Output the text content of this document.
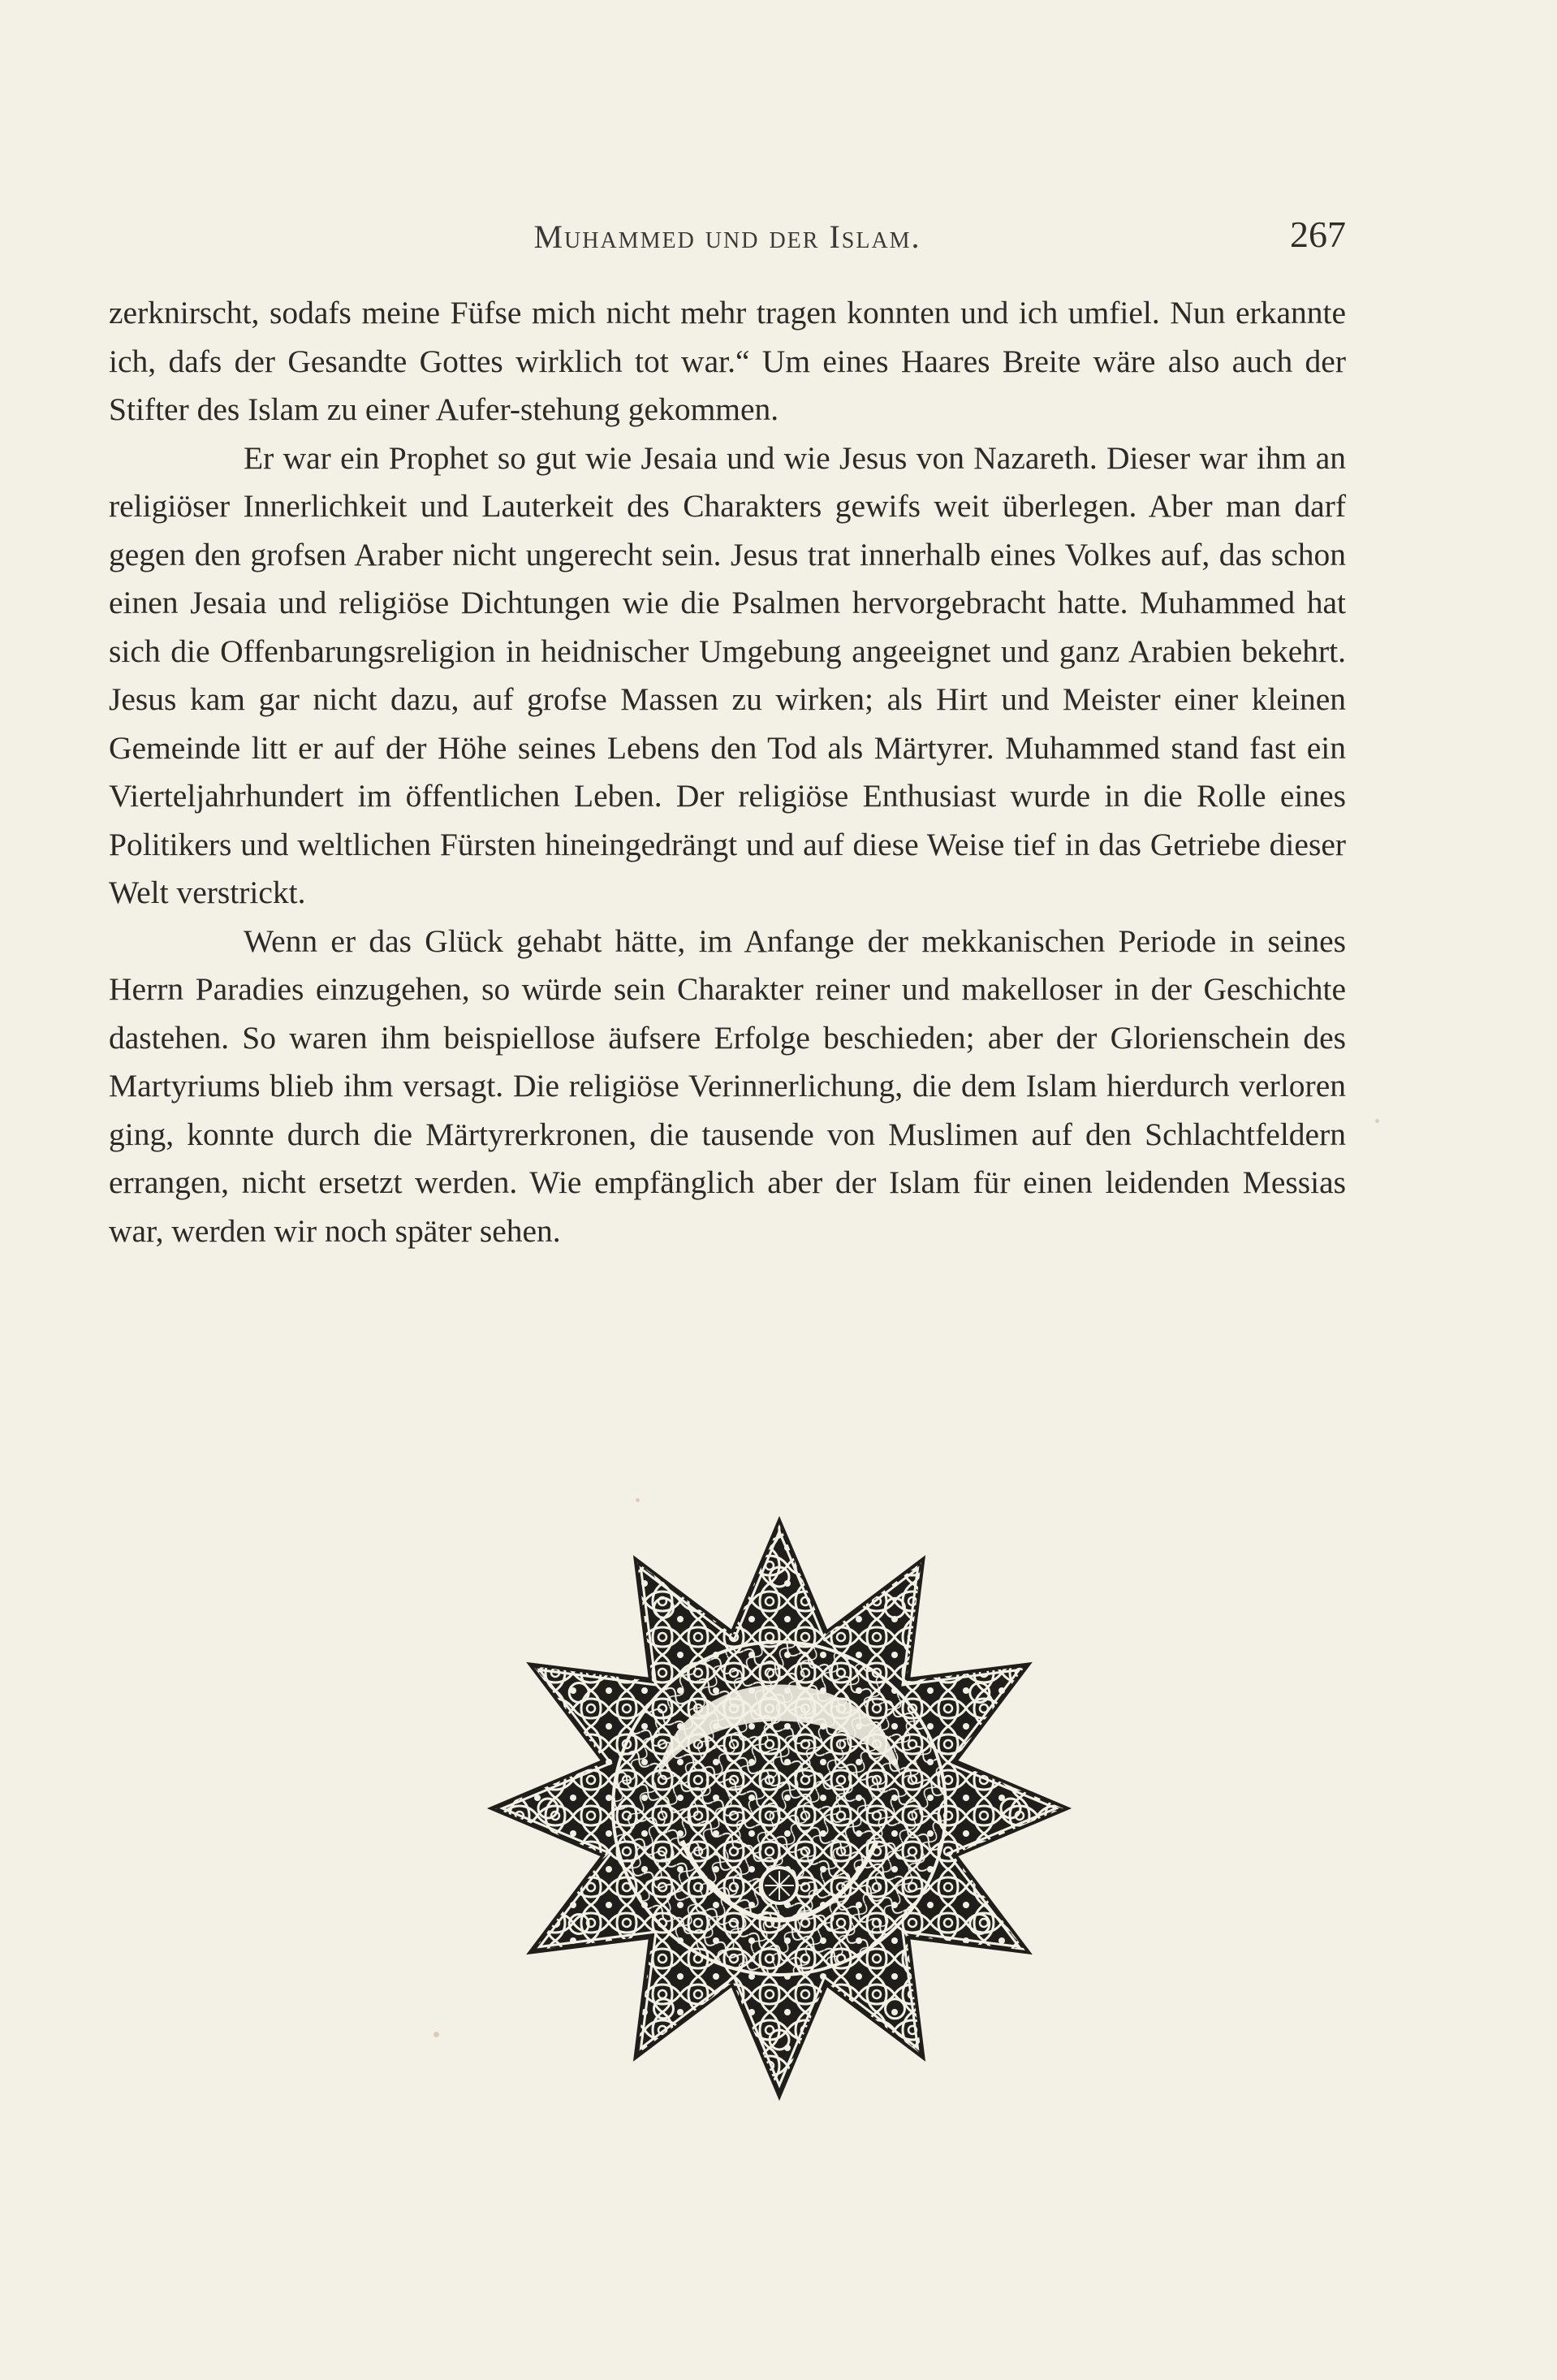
Muhammed und der Islam.	267

zerknirscht, sodafs meine Füfse mich nicht mehr tragen konnten und ich umfiel. Nun erkannte ich, dafs der Gesandte Gottes wirklich tot war.“ Um eines Haares Breite wäre also auch der Stifter des Islam zu einer Aufer-stehung gekommen.

Er war ein Prophet so gut wie Jesaia und wie Jesus von Nazareth. Dieser war ihm an religiöser Innerlichkeit und Lauterkeit des Charakters gewifs weit überlegen. Aber man darf gegen den grofsen Araber nicht ungerecht sein. Jesus trat innerhalb eines Volkes auf, das schon einen Jesaia und religiöse Dichtungen wie die Psalmen hervorgebracht hatte. Muhammed hat sich die Offenbarungsreligion in heidnischer Umgebung angeeignet und ganz Arabien bekehrt. Jesus kam gar nicht dazu, auf grofse Massen zu wirken; als Hirt und Meister einer kleinen Gemeinde litt er auf der Höhe seines Lebens den Tod als Märtyrer. Muhammed stand fast ein Vierteljahrhundert im öffentlichen Leben. Der religiöse Enthusiast wurde in die Rolle eines Politikers und weltlichen Fürsten hineingedrängt und auf diese Weise tief in das Getriebe dieser Welt verstrickt.

Wenn er das Glück gehabt hätte, im Anfange der mekkanischen Periode in seines Herrn Paradies einzugehen, so würde sein Charakter reiner und makelloser in der Geschichte dastehen. So waren ihm beispiellose äufsere Erfolge beschieden; aber der Glorienschein des Martyriums blieb ihm versagt. Die religiöse Verinnerlichung, die dem Islam hierdurch verloren ging, konnte durch die Märtyrerkronen, die tausende von Muslimen auf den Schlachtfeldern errangen, nicht ersetzt werden. Wie empfänglich aber der Islam für einen leidenden Messias war, werden wir noch später sehen.
